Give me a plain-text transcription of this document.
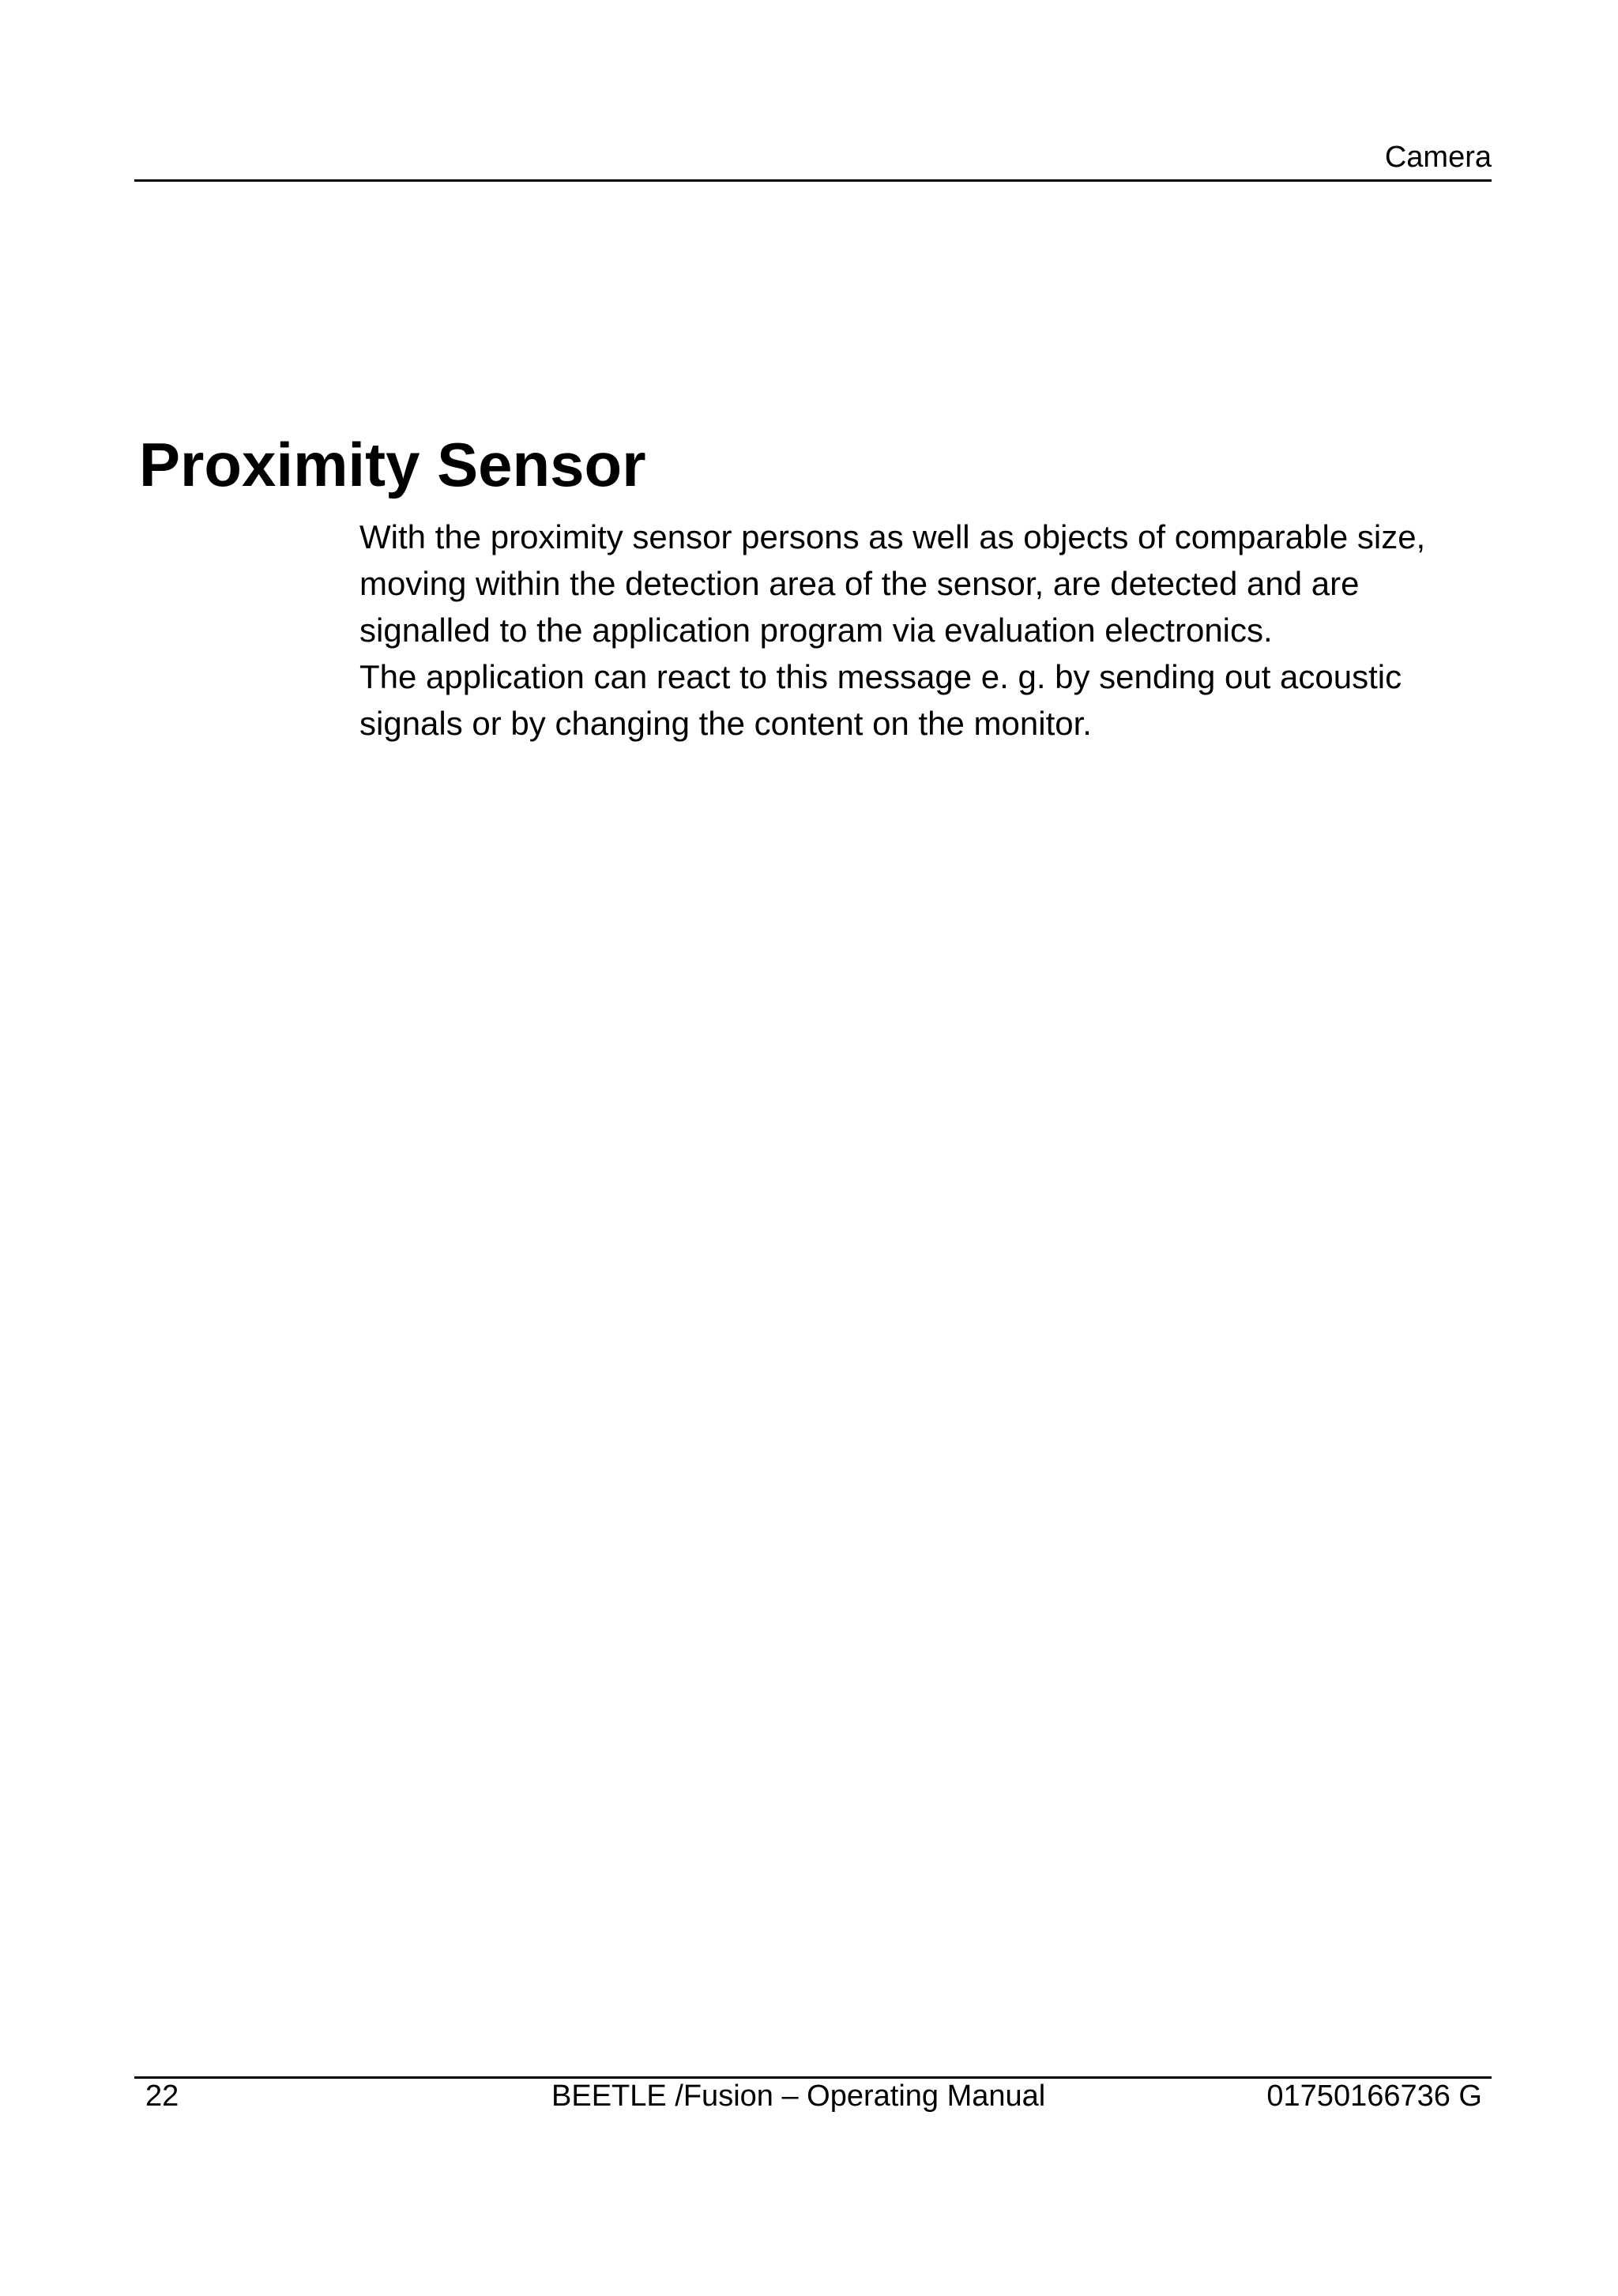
Camera
Proximity Sensor

With the proximity sensor persons as well as objects of comparable size,

moving within the detection area of the sensor, are detected and are

signalled to the application program via evaluation electronics.

The application can react to this message e. g. by sending out acoustic

signals or by changing the content on the monitor.

22	BEETLE /Fusion – Operating Manual	01750166736 G
